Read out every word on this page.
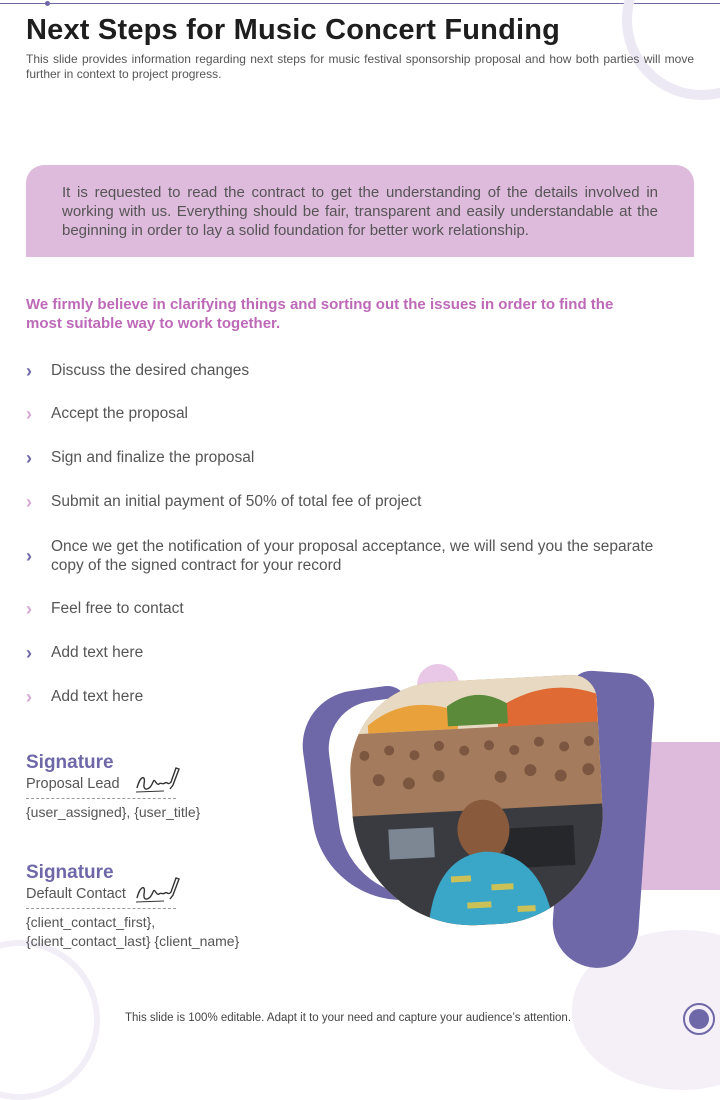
Next Steps for Music Concert Funding
This slide provides information regarding next steps for music festival sponsorship proposal and how both parties will move further in context to project progress.
It is requested to read the contract to get the understanding of the details involved in working with us. Everything should be fair, transparent and easily understandable at the beginning in order to lay a solid foundation for better work relationship.
We firmly believe in clarifying things and sorting out the issues in order to find the most suitable way to work together.
›	Discuss the desired changes
›	Accept the proposal
›	Sign and finalize the proposal
›	Submit an initial payment of 50% of total fee of project
›	Once we get the notification of your proposal acceptance, we will send you the separate copy of the signed contract for your record
›	Feel free to contact
›	Add text here
›	Add text here
Signature
Proposal Lead
{user_assigned}, {user_title}
Signature
Default Contact
{client_contact_first}, {client_contact_last} {client_name}
This slide is 100% editable. Adapt it to your need and capture your audience’s attention.
